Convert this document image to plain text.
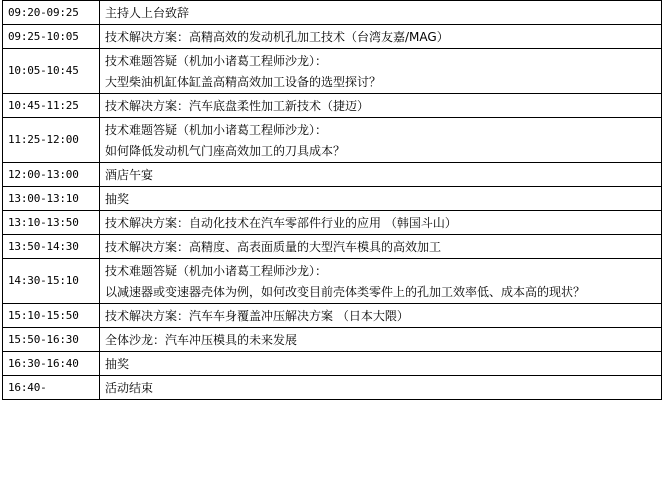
09:20-09:25	主持人上台致辞

09:25-10:05	技术解决方案：高精高效的发动机孔加工技术（台湾友嘉/MAG）

10:05-10:45	技术难题答疑（机加小诸葛工程师沙龙）：
大型柴油机缸体缸盖高精高效加工设备的选型探讨？

10:45-11:25	技术解决方案：汽车底盘柔性加工新技术（捷迈）

11:25-12:00	技术难题答疑（机加小诸葛工程师沙龙）：
如何降低发动机气门座高效加工的刀具成本？

12:00-13:00	酒店午宴

13:00-13:10	抽奖

13:10-13:50	技术解决方案：自动化技术在汽车零部件行业的应用 （韩国斗山）

13:50-14:30	技术解决方案：高精度、高表面质量的大型汽车模具的高效加工

14:30-15:10	技术难题答疑（机加小诸葛工程师沙龙）：
以减速器或变速器壳体为例，如何改变目前壳体类零件上的孔加工效率低、成本高的现状？

15:10-15:50	技术解决方案：汽车车身覆盖冲压解决方案 （日本大隈）

15:50-16:30	全体沙龙：汽车冲压模具的未来发展

16:30-16:40	抽奖

16:40-	活动结束
